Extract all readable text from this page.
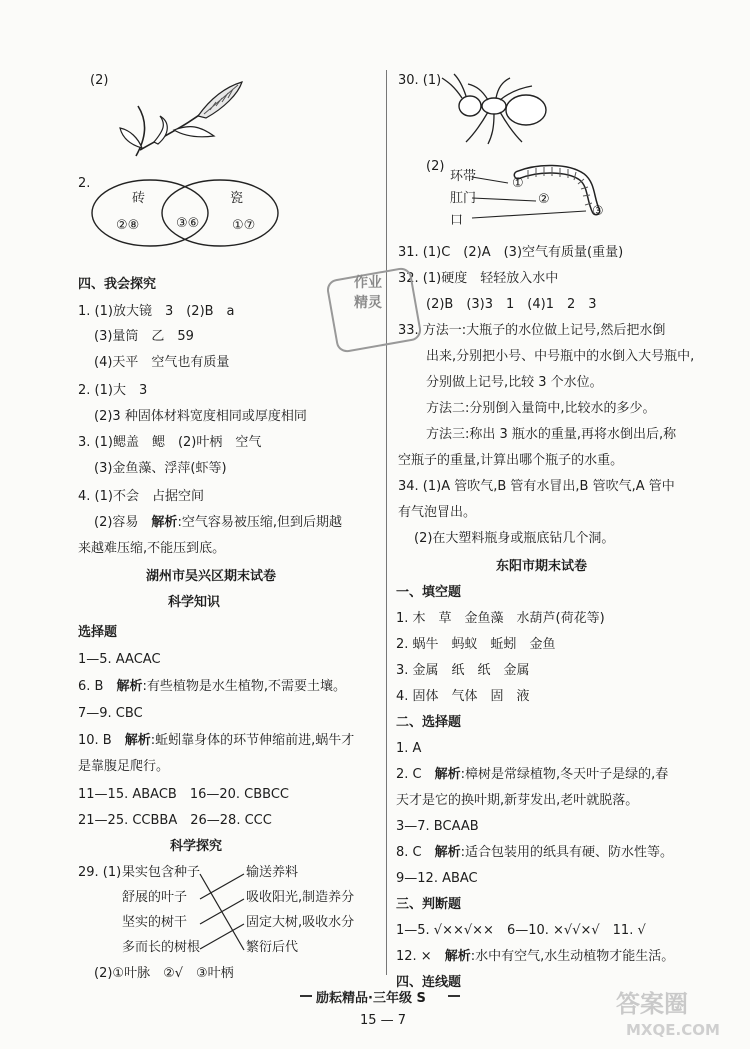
(2)
2.
砖	瓷
②⑧	③⑥	①⑦
四、我会探究
1. (1)放大镜　3　(2)B　a
(3)量筒　乙　59
(4)天平　空气也有质量
2. (1)大　3
(2)3 种固体材料宽度相同或厚度相同
3. (1)鳃盖　鳃　(2)叶柄　空气
(3)金鱼藻、浮萍(虾等)
4. (1)不会　占据空间
(2)容易　解析:空气容易被压缩,但到后期越
来越难压缩,不能压到底。
湖州市吴兴区期末试卷
科学知识
选择题
1—5. AACAC
6. B　解析:有些植物是水生植物,不需要土壤。
7—9. CBC
10. B　解析:蚯蚓靠身体的环节伸缩前进,蜗牛才
是靠腹足爬行。
11—15. ABACB　16—20. CBBCC
21—25. CCBBA　26—28. CCC
科学探究
29. (1) 果实包含种子
舒展的叶子
坚实的树干
多而长的树根
输送养料
吸收阳光,制造养分
固定大树,吸收水分
繁衍后代
(2)①叶脉　②√　③叶柄
30. (1)
(2)
环带
肛门
口
①
②
③
31. (1)C　(2)A　(3)空气有质量(重量)
32. (1)硬度　轻轻放入水中
(2)B　(3)3　1　(4)1　2　3
33. 方法一:大瓶子的水位做上记号,然后把水倒
出来,分别把小号、中号瓶中的水倒入大号瓶中,
分别做上记号,比较 3 个水位。
方法二:分别倒入量筒中,比较水的多少。
方法三:称出 3 瓶水的重量,再将水倒出后,称
空瓶子的重量,计算出哪个瓶子的水重。
34. (1)A 管吹气,B 管有水冒出,B 管吹气,A 管中
有气泡冒出。
(2)在大塑料瓶身或瓶底钻几个洞。
东阳市期末试卷
一、填空题
1. 木　草　金鱼藻　水葫芦(荷花等)
2. 蜗牛　蚂蚁　蚯蚓　金鱼
3. 金属　纸　纸　金属
4. 固体　气体　固　液
二、选择题
1. A
2. C　解析:樟树是常绿植物,冬天叶子是绿的,春
天才是它的换叶期,新芽发出,老叶就脱落。
3—7. BCAAB
8. C　解析:适合包装用的纸具有硬、防水性等。
9—12. ABAC
三、判断题
1—5. √××√××　6—10. ×√√×√　11. √
12. ×　解析:水中有空气,水生动植物才能生活。
四、连线题
励耘精品·三年级 S
15 — 7
作业
精灵
答案圈
MXQE.COM
